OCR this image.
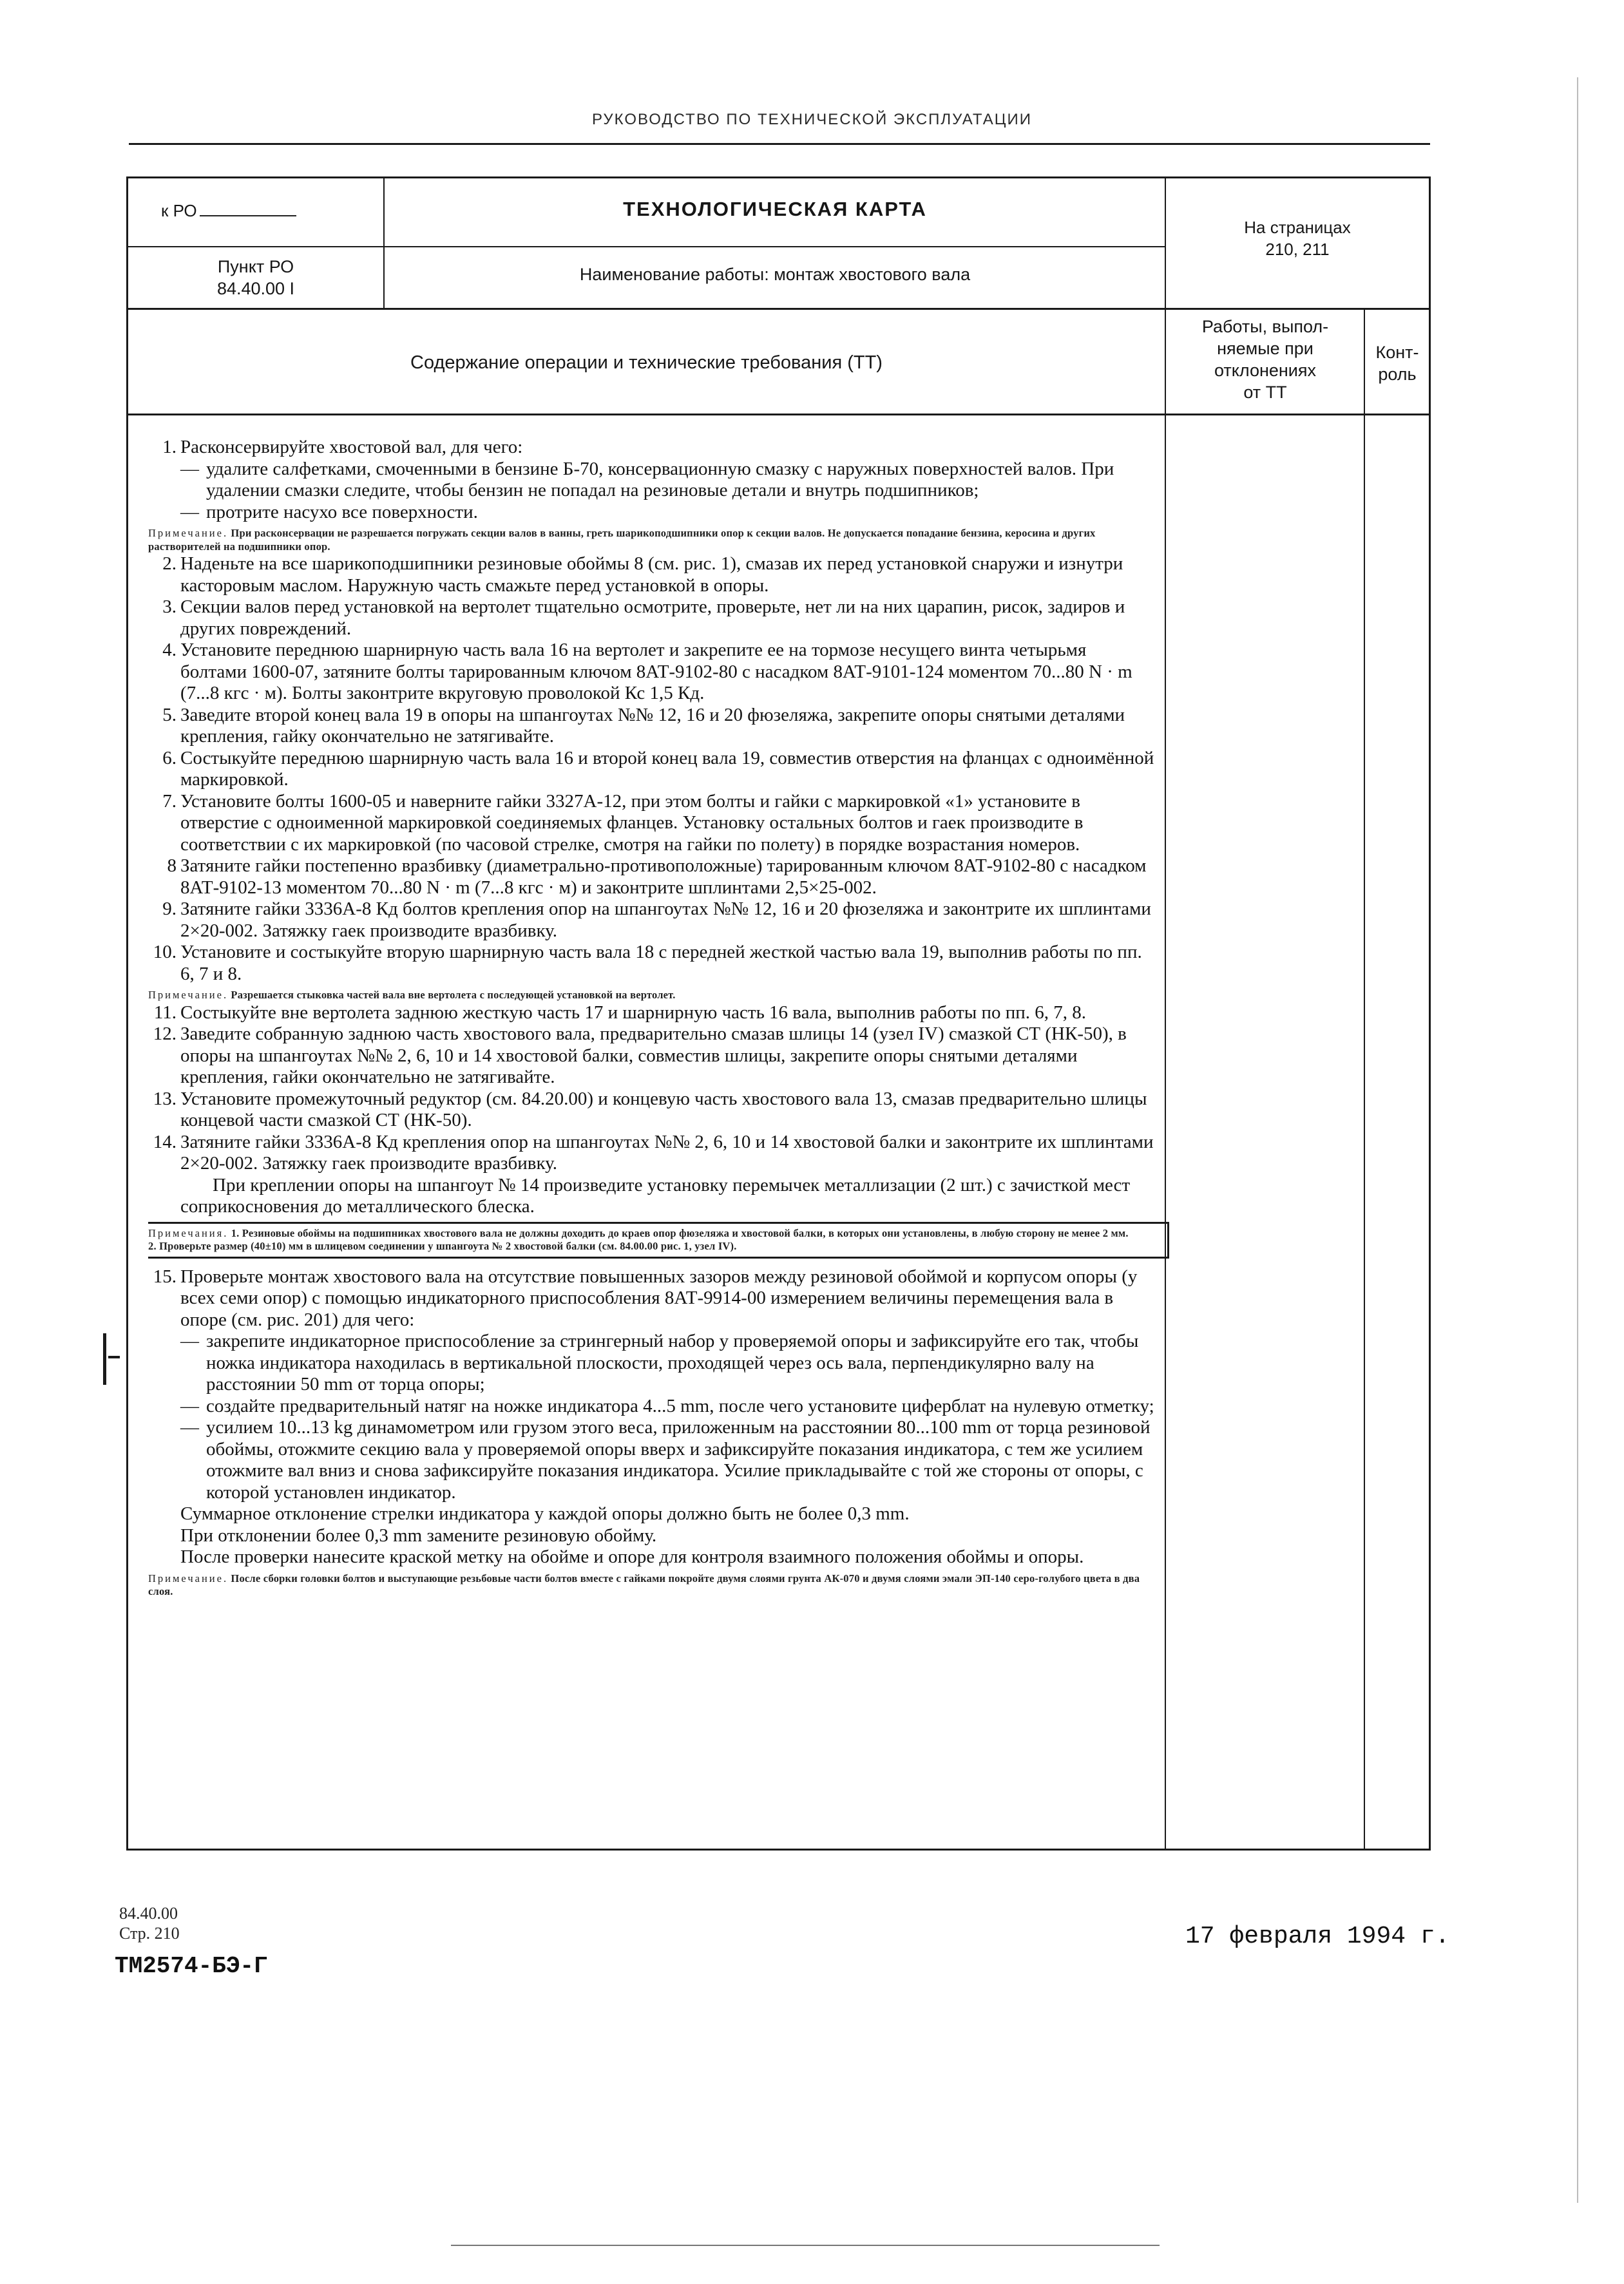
РУКОВОДСТВО ПО ТЕХНИЧЕСКОЙ ЭКСПЛУАТАЦИИ
к РО	ТЕХНОЛОГИЧЕСКАЯ КАРТА
На страницах
210, 211
Пункт РО
84.40.00 I
Наименование работы: монтаж хвостового вала
Содержание операции и технические требования (ТТ)
Работы, выпол-
няемые при
отклонениях
от ТТ
Конт-
роль
1. Расконсервируйте хвостовой вал, для чего:
— удалите салфетками, смоченными в бензине Б-70, консервационную смазку с наружных поверхностей валов. При удалении смазки следите, чтобы бензин не попадал на резиновые детали и внутрь подшипников;
— протрите насухо все поверхности.
Примечание. При расконсервации не разрешается погружать секции валов в ванны, греть шарикоподшипники опор к секции валов. Не допускается попадание бензина, керосина и других растворителей на подшипники опор.
2. Наденьте на все шарикоподшипники резиновые обоймы 8 (см. рис. 1), смазав их перед установкой снаружи и изнутри касторовым маслом. Наружную часть смажьте перед установкой в опоры.
3. Секции валов перед установкой на вертолет тщательно осмотрите, проверьте, нет ли на них царапин, рисок, задиров и других повреждений.
4. Установите переднюю шарнирную часть вала 16 на вертолет и закрепите ее на тормозе несущего винта четырьмя болтами 1600-07, затяните болты тарированным ключом 8АТ-9102-80 с насадком 8АТ-9101-124 моментом 70...80 N · m (7...8 кгс · м). Болты законтрите вкруговую проволокой Кс 1,5 Кд.
5. Заведите второй конец вала 19 в опоры на шпангоутах №№ 12, 16 и 20 фюзеляжа, закрепите опоры снятыми деталями крепления, гайку окончательно не затягивайте.
6. Состыкуйте переднюю шарнирную часть вала 16 и второй конец вала 19, совместив отверстия на фланцах с одноимённой маркировкой.
7. Установите болты 1600-05 и наверните гайки 3327А-12, при этом болты и гайки с маркировкой «1» установите в отверстие с одноименной маркировкой соединяемых фланцев. Установку остальных болтов и гаек производите в соответствии с их маркировкой (по часовой стрелке, смотря на гайки по полету) в порядке возрастания номеров.
8 Затяните гайки постепенно вразбивку (диаметрально-противоположные) тарированным ключом 8АТ-9102-80 с насадком 8АТ-9102-13 моментом 70...80 N · m (7...8 кгс · м) и законтрите шплинтами 2,5×25-002.
9. Затяните гайки 3336А-8 Кд болтов крепления опор на шпангоутах №№ 12, 16 и 20 фюзеляжа и законтрите их шплинтами 2×20-002. Затяжку гаек производите вразбивку.
10. Установите и состыкуйте вторую шарнирную часть вала 18 с передней жесткой частью вала 19, выполнив работы по пп. 6, 7 и 8.
Примечание. Разрешается стыковка частей вала вне вертолета с последующей установкой на вертолет.
11. Состыкуйте вне вертолета заднюю жесткую часть 17 и шарнирную часть 16 вала, выполнив работы по пп. 6, 7, 8.
12. Заведите собранную заднюю часть хвостового вала, предварительно смазав шлицы 14 (узел IV) смазкой СТ (НК-50), в опоры на шпангоутах №№ 2, 6, 10 и 14 хвостовой балки, совместив шлицы, закрепите опоры снятыми деталями крепления, гайки окончательно не затягивайте.
13. Установите промежуточный редуктор (см. 84.20.00) и концевую часть хвостового вала 13, смазав предварительно шлицы концевой части смазкой СТ (НК-50).
14. Затяните гайки 3336А-8 Кд крепления опор на шпангоутах №№ 2, 6, 10 и 14 хвостовой балки и законтрите их шплинтами 2×20-002. Затяжку гаек производите вразбивку.
При креплении опоры на шпангоут № 14 произведите установку перемычек металлизации (2 шт.) с зачисткой мест соприкосновения до металлического блеска.
Примечания. 1. Резиновые обоймы на подшипниках хвостового вала не должны доходить до краев опор фюзеляжа и хвостовой балки, в которых они установлены, в любую сторону не менее 2 мм.
2. Проверьте размер (40±10) мм в шлицевом соединении у шпангоута № 2 хвостовой балки (см. 84.00.00 рис. 1, узел IV).
15. Проверьте монтаж хвостового вала на отсутствие повышенных зазоров между резиновой обоймой и корпусом опоры (у всех семи опор) с помощью индикаторного приспособления 8АТ-9914-00 измерением величины перемещения вала в опоре (см. рис. 201) для чего:
— закрепите индикаторное приспособление за стрингерный набор у проверяемой опоры и зафиксируйте его так, чтобы ножка индикатора находилась в вертикальной плоскости, проходящей через ось вала, перпендикулярно валу на расстоянии 50 mm от торца опоры;
— создайте предварительный натяг на ножке индикатора 4...5 mm, после чего установите циферблат на нулевую отметку;
— усилием 10...13 kg динамометром или грузом этого веса, приложенным на расстоянии 80...100 mm от торца резиновой обоймы, отожмите секцию вала у проверяемой опоры вверх и зафиксируйте показания индикатора, с тем же усилием отожмите вал вниз и снова зафиксируйте показания индикатора. Усилие прикладывайте с той же стороны от опоры, с которой установлен индикатор.
Суммарное отклонение стрелки индикатора у каждой опоры должно быть не более 0,3 mm.
При отклонении более 0,3 mm замените резиновую обойму.
После проверки нанесите краской метку на обойме и опоре для контроля взаимного положения обоймы и опоры.
Примечание. После сборки головки болтов и выступающие резьбовые части болтов вместе с гайками покройте двумя слоями грунта АК-070 и двумя слоями эмали ЭП-140 серо-голубого цвета в два слоя.
84.40.00
Стр. 210
ТМ2574-БЭ-Г
17 февраля 1994 г.
